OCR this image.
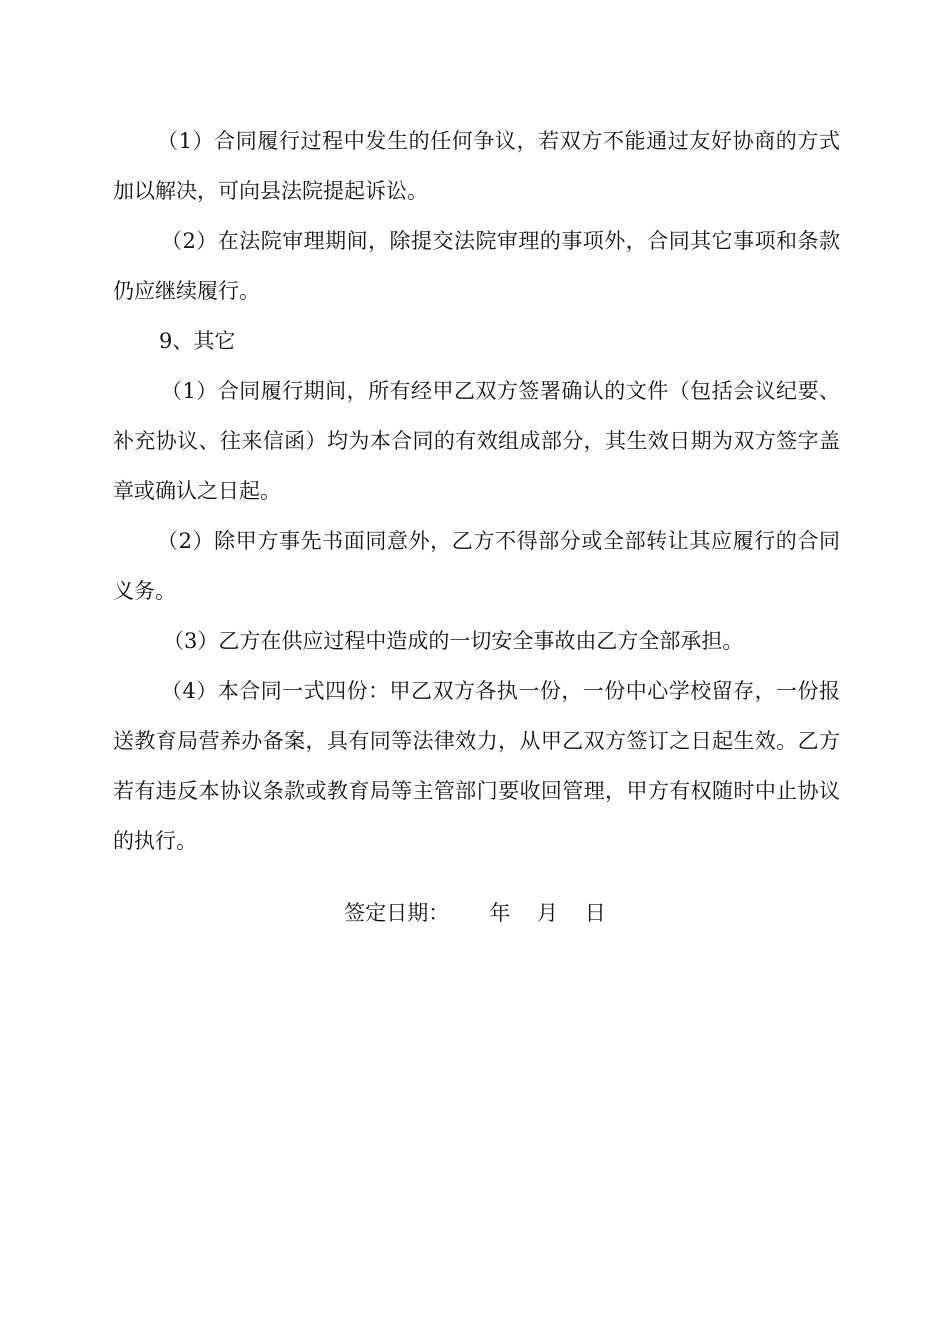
（1）合同履行过程中发生的任何争议，若双方不能通过友好协商的方式加以解决，可向县法院提起诉讼。

（2）在法院审理期间，除提交法院审理的事项外，合同其它事项和条款仍应继续履行。

9、其它

（1）合同履行期间，所有经甲乙双方签署确认的文件（包括会议纪要、补充协议、往来信函）均为本合同的有效组成部分，其生效日期为双方签字盖章或确认之日起。

（2）除甲方事先书面同意外，乙方不得部分或全部转让其应履行的合同义务。

（3）乙方在供应过程中造成的一切安全事故由乙方全部承担。

（4）本合同一式四份：甲乙双方各执一份，一份中心学校留存，一份报送教育局营养办备案，具有同等法律效力，从甲乙双方签订之日起生效。乙方若有违反本协议条款或教育局等主管部门要收回管理，甲方有权随时中止协议的执行。

签定日期：      年    月    日
